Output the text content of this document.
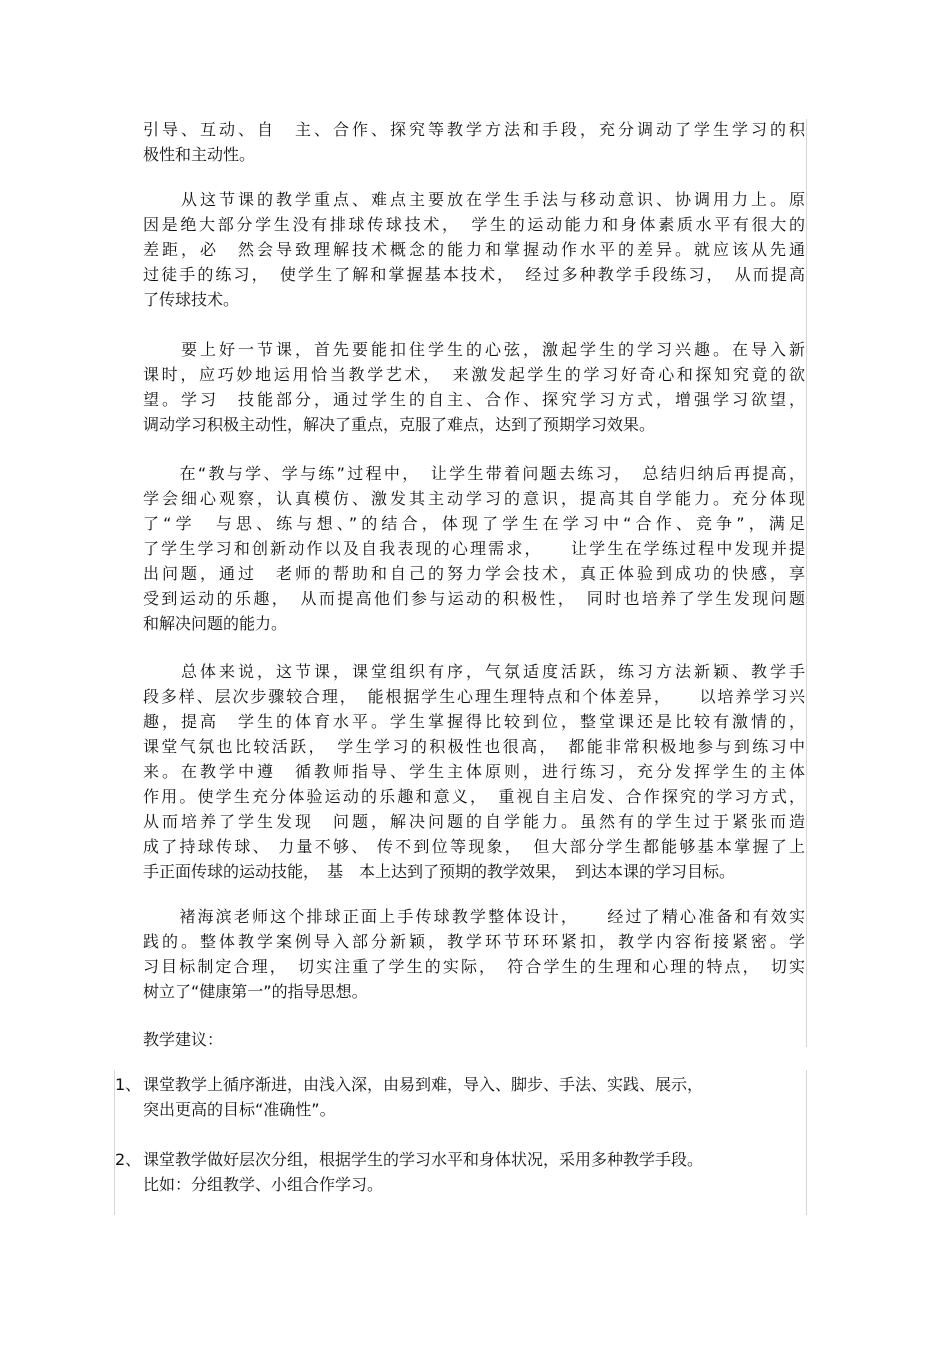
引导、互动、自　主、合作、探究等教学方法和手段，充分调动了学生学习的积
极性和主动性。
　　从这节课的教学重点、难点主要放在学生手法与移动意识、协调用力上。原
因是绝大部分学生没有排球传球技术，　学生的运动能力和身体素质水平有很大的
差距，必　然会导致理解技术概念的能力和掌握动作水平的差异。就应该从先通
过徒手的练习，　使学生了解和掌握基本技术，　经过多种教学手段练习，　从而提高
了传球技术。
　　要上好一节课，首先要能扣住学生的心弦，激起学生的学习兴趣。在导入新
课时，应巧妙地运用恰当教学艺术，　来激发起学生的学习好奇心和探知究竟的欲
望。学习　技能部分，通过学生的自主、合作、探究学习方式，增强学习欲望，
调动学习积极主动性，解决了重点，克服了难点，达到了预期学习效果。
　　在“教与学、学与练”过程中，　让学生带着问题去练习，　总结归纳后再提高，
学会细心观察，认真模仿、激发其主动学习的意识，提高其自学能力。充分体现
了“学　与思、练与想、”的结合，体现了学生在学习中“合作、竞争”，满足
了学生学习和创新动作以及自我表现的心理需求，　　让学生在学练过程中发现并提
出问题，通过　老师的帮助和自己的努力学会技术，真正体验到成功的快感，享
受到运动的乐趣，　从而提高他们参与运动的积极性，　同时也培养了学生发现问题
和解决问题的能力。
　　总体来说，这节课，课堂组织有序，气氛适度活跃，练习方法新颖、教学手
段多样、层次步骤较合理，　能根据学生心理生理特点和个体差异，　　以培养学习兴
趣，提高　学生的体育水平。学生掌握得比较到位，整堂课还是比较有激情的，
课堂气氛也比较活跃，　学生学习的积极性也很高，　都能非常积极地参与到练习中
来。在教学中遵　循教师指导、学生主体原则，进行练习，充分发挥学生的主体
作用。使学生充分体验运动的乐趣和意义，　重视自主启发、合作探究的学习方式，
从而培养了学生发现　问题，解决问题的自学能力。虽然有的学生过于紧张而造
成了持球传球、 力量不够、 传不到位等现象，　但大部分学生都能够基本掌握了上
手正面传球的运动技能，　基　本上达到了预期的教学效果，　到达本课的学习目标。
　　褚海滨老师这个排球正面上手传球教学整体设计，　　经过了精心准备和有效实
践的。整体教学案例导入部分新颖，教学环节环环紧扣，教学内容衔接紧密。学
习目标制定合理，　切实注重了学生的实际，　符合学生的生理和心理的特点，　切实
树立了“健康第一”的指导思想。
教学建议：
1、 课堂教学上循序渐进，由浅入深，由易到难，导入、脚步、手法、实践、展示，
突出更高的目标“准确性”。
2、 课堂教学做好层次分组，根据学生的学习水平和身体状况，采用多种教学手段。
比如：分组教学、小组合作学习。
